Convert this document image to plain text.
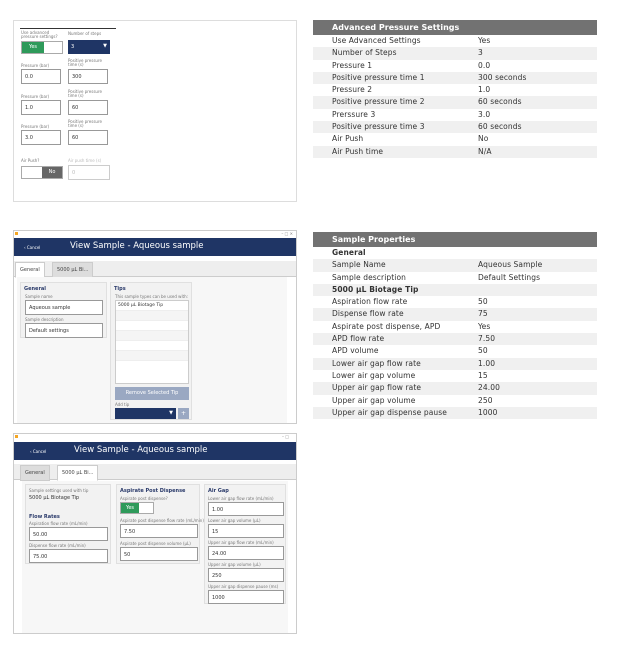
Use advanced pressure settings?
Yes
Number of steps
3	▼
Pressure (bar)
0.0
Positive pressure time (s)
300
Pressure (bar)
1.0
Positive pressure time (s)
60
Pressure (bar)
3.0
Positive pressure time (s)
60
Air Push?
No
Air push time (s)
0
Advanced Pressure Settings
Use Advanced Settings	Yes
Number of Steps	3
Pressure 1	0.0
Positive pressure time 1	300 seconds
Pressure 2	1.0
Positive pressure time 2	60 seconds
Prerssure 3	3.0
Positive pressure time 3	60 seconds
Air Push	No
Air Push time	N/A
Sample Properties
General
Sample Name	Aqueous Sample
Sample description	Default Settings
5000 µL Biotage Tip
Aspiration flow rate	50
Dispense flow rate	75
Aspirate post dispense, APD	Yes
APD flow rate	7.50
APD volume	50
Lower air gap flow rate	1.00
Lower air gap volume	15
Upper air gap flow rate	24.00
Upper air gap volume	250
Upper air gap dispense pause	1000
– □ ✕
‹ Cancel	View Sample - Aqueous sample
General	5000 µL Bi...
General
Sample name
Aqueous sample
Sample description
Default settings
Tips
This sample types can be used with:
5000 µL Biotage Tip
Remove Selected Tip
Add tip
▼	+
– □
‹ Cancel	View Sample - Aqueous sample
General	5000 µL Bi...
Sample settings used with tip
5000 µL Biotage Tip
Flow Rates
Aspiration flow rate (mL/min)
50.00
Dispense flow rate (mL/min)
75.00
Aspirate Post Dispense
Aspirate post dispense?
Yes
Aspirate post dispense flow rate (mL/min)
7.50
Aspirate post dispense volume (µL)
50
Air Gap
Lower air gap flow rate (mL/min)
1.00
Lower air gap volume (µL)
15
Upper air gap flow rate (mL/min)
24.00
Upper air gap volume (µL)
250
Upper air gap dispense pause (ms)
1000
